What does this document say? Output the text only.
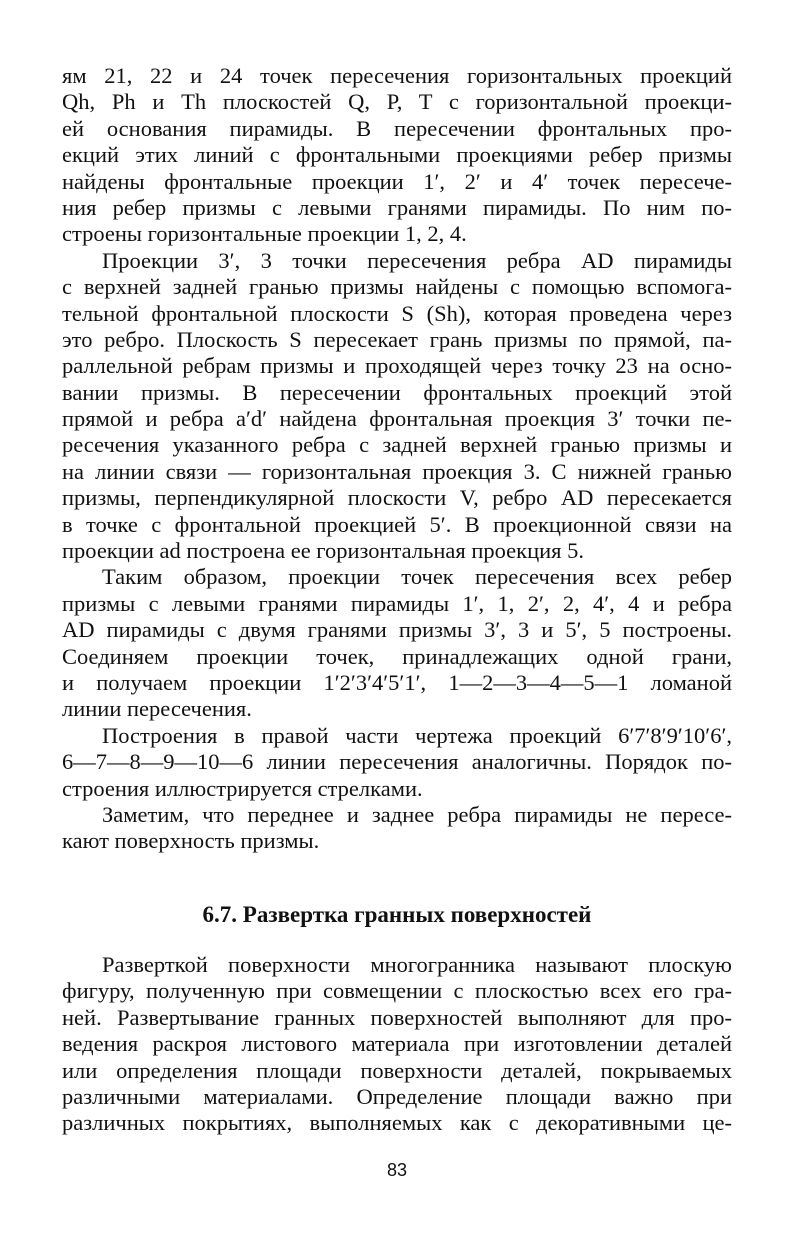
ям 21, 22 и 24 точек пересечения горизонтальных проекций
Qh, Ph и Th плоскостей Q, P, T с горизонтальной проекци-
ей основания пирамиды. В пересечении фронтальных про-
екций этих линий с фронтальными проекциями ребер призмы
найдены фронтальные проекции 1′, 2′ и 4′ точек пересече-
ния ребер призмы с левыми гранями пирамиды. По ним по-
строены горизонтальные проекции 1, 2, 4.
Проекции 3′, 3 точки пересечения ребра AD пирамиды
с верхней задней гранью призмы найдены с помощью вспомога-
тельной фронтальной плоскости S (Sh), которая проведена через
это ребро. Плоскость S пересекает грань призмы по прямой, па-
раллельной ребрам призмы и проходящей через точку 23 на осно-
вании призмы. В пересечении фронтальных проекций этой
прямой и ребра a′d′ найдена фронтальная проекция 3′ точки пе-
ресечения указанного ребра с задней верхней гранью призмы и
на линии связи — горизонтальная проекция 3. С нижней гранью
призмы, перпендикулярной плоскости V, ребро AD пересекается
в точке с фронтальной проекцией 5′. В проекционной связи на
проекции ad построена ее горизонтальная проекция 5.
Таким образом, проекции точек пересечения всех ребер
призмы с левыми гранями пирамиды 1′, 1, 2′, 2, 4′, 4 и ребра
AD пирамиды с двумя гранями призмы 3′, 3 и 5′, 5 построены.
Соединяем проекции точек, принадлежащих одной грани,
и получаем проекции 1′2′3′4′5′1′, 1—2—3—4—5—1 ломаной
линии пересечения.
Построения в правой части чертежа проекций 6′7′8′9′10′6′,
6—7—8—9—10—6 линии пересечения аналогичны. Порядок по-
строения иллюстрируется стрелками.
Заметим, что переднее и заднее ребра пирамиды не пересе-
кают поверхность призмы.
6.7. Развертка гранных поверхностей
Разверткой поверхности многогранника называют плоскую
фигуру, полученную при совмещении с плоскостью всех его гра-
ней. Развертывание гранных поверхностей выполняют для про-
ведения раскроя листового материала при изготовлении деталей
или определения площади поверхности деталей, покрываемых
различными материалами. Определение площади важно при
различных покрытиях, выполняемых как с декоративными це-
83
